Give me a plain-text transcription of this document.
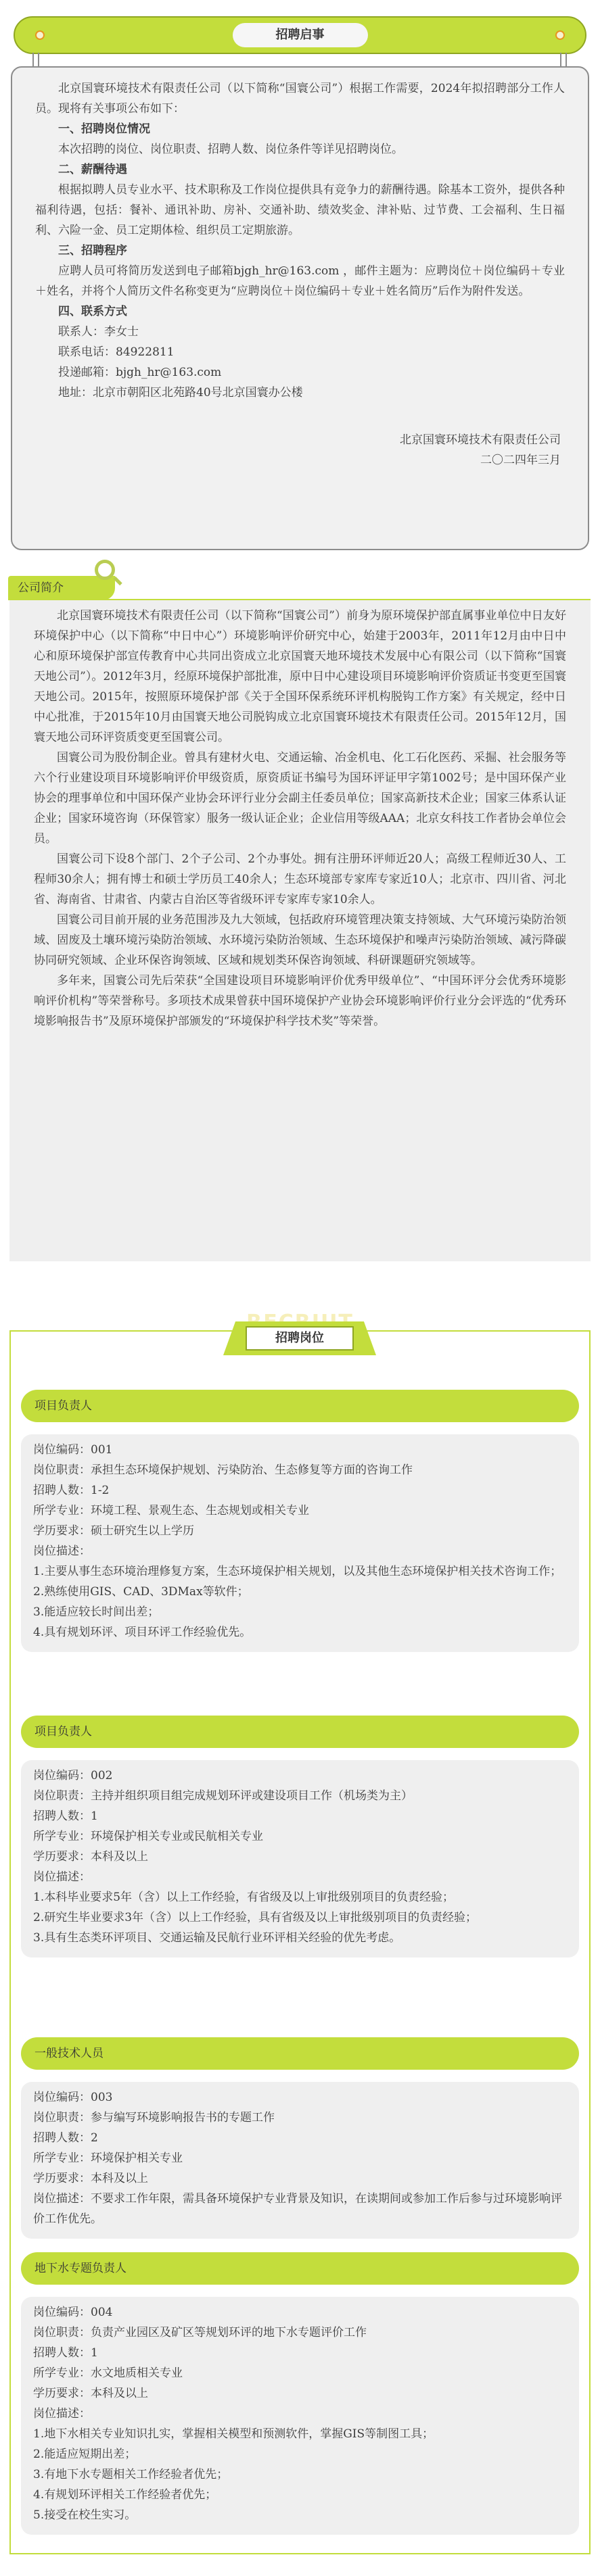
招聘启事

北京国寰环境技术有限责任公司（以下简称“国寰公司”）根据工作需要，2024年拟招聘部分工作人员。现将有关事项公布如下：

一、招聘岗位情况

本次招聘的岗位、岗位职责、招聘人数、岗位条件等详见招聘岗位。

二、薪酬待遇

根据拟聘人员专业水平、技术职称及工作岗位提供具有竞争力的薪酬待遇。除基本工资外，提供各种福利待遇，包括：餐补、通讯补助、房补、交通补助、绩效奖金、津补贴、过节费、工会福利、生日福利、六险一金、员工定期体检、组织员工定期旅游。

三、招聘程序

应聘人员可将简历发送到电子邮箱bjgh_hr@163.com ，邮件主题为：应聘岗位＋岗位编码＋专业＋姓名，并将个人简历文件名称变更为“应聘岗位＋岗位编码＋专业＋姓名简历”后作为附件发送。

四、联系方式

联系人：李女士

联系电话：84922811

投递邮箱：bjgh_hr@163.com

地址：北京市朝阳区北苑路40号北京国寰办公楼

北京国寰环境技术有限责任公司

二〇二四年三月

公司简介

北京国寰环境技术有限责任公司（以下简称“国寰公司”）前身为原环境保护部直属事业单位中日友好环境保护中心（以下简称“中日中心”）环境影响评价研究中心，始建于2003年，2011年12月由中日中心和原环境保护部宣传教育中心共同出资成立北京国寰天地环境技术发展中心有限公司（以下简称“国寰天地公司”）。2012年3月，经原环境保护部批准，原中日中心建设项目环境影响评价资质证书变更至国寰天地公司。2015年，按照原环境保护部《关于全国环保系统环评机构脱钩工作方案》有关规定，经中日中心批准，于2015年10月由国寰天地公司脱钩成立北京国寰环境技术有限责任公司。2015年12月，国寰天地公司环评资质变更至国寰公司。

国寰公司为股份制企业。曾具有建材火电、交通运输、冶金机电、化工石化医药、采掘、社会服务等六个行业建设项目环境影响评价甲级资质，原资质证书编号为国环评证甲字第1002号；是中国环保产业协会的理事单位和中国环保产业协会环评行业分会副主任委员单位；国家高新技术企业；国家三体系认证企业；国家环境咨询（环保管家）服务一级认证企业；企业信用等级AAA；北京女科技工作者协会单位会员。

国寰公司下设8个部门、2个子公司、2个办事处。拥有注册环评师近20人；高级工程师近30人、工程师30余人；拥有博士和硕士学历员工40余人；生态环境部专家库专家近10人；北京市、四川省、河北省、海南省、甘肃省、内蒙古自治区等省级环评专家库专家10余人。

国寰公司目前开展的业务范围涉及九大领域，包括政府环境管理决策支持领域、大气环境污染防治领域、固废及土壤环境污染防治领域、水环境污染防治领域、生态环境保护和噪声污染防治领域、减污降碳协同研究领域、企业环保咨询领域、区域和规划类环保咨询领域、科研课题研究领域等。

多年来，国寰公司先后荣获“全国建设项目环境影响评价优秀甲级单位”、“中国环评分会优秀环境影响评价机构”等荣誉称号。多项技术成果曾获中国环境保护产业协会环境影响评价行业分会评选的“优秀环境影响报告书”及原环境保护部颁发的“环境保护科学技术奖”等荣誉。

招聘岗位
项目负责人

岗位编码：001

岗位职责：承担生态环境保护规划、污染防治、生态修复等方面的咨询工作

招聘人数：1-2

所学专业：环境工程、景观生态、生态规划或相关专业

学历要求：硕士研究生以上学历

岗位描述：

1.主要从事生态环境治理修复方案，生态环境保护相关规划，以及其他生态环境保护相关技术咨询工作；

2.熟练使用GIS、CAD、3DMax等软件；

3.能适应较长时间出差；

4.具有规划环评、项目环评工作经验优先。

项目负责人

岗位编码：002

岗位职责：主持并组织项目组完成规划环评或建设项目工作（机场类为主）

招聘人数：1

所学专业：环境保护相关专业或民航相关专业

学历要求：本科及以上

岗位描述：

1.本科毕业要求5年（含）以上工作经验，有省级及以上审批级别项目的负责经验；

2.研究生毕业要求3年（含）以上工作经验，具有省级及以上审批级别项目的负责经验；

3.具有生态类环评项目、交通运输及民航行业环评相关经验的优先考虑。

一般技术人员

岗位编码：003

岗位职责：参与编写环境影响报告书的专题工作

招聘人数：2

所学专业：环境保护相关专业

学历要求：本科及以上

岗位描述：不要求工作年限，需具备环境保护专业背景及知识，在读期间或参加工作后参与过环境影响评价工作优先。

地下水专题负责人

岗位编码：004

岗位职责：负责产业园区及矿区等规划环评的地下水专题评价工作

招聘人数：1

所学专业：水文地质相关专业

学历要求：本科及以上

岗位描述：

1.地下水相关专业知识扎实，掌握相关模型和预测软件，掌握GIS等制图工具；

2.能适应短期出差；

3.有地下水专题相关工作经验者优先；

4.有规划环评相关工作经验者优先；

5.接受在校生实习。
